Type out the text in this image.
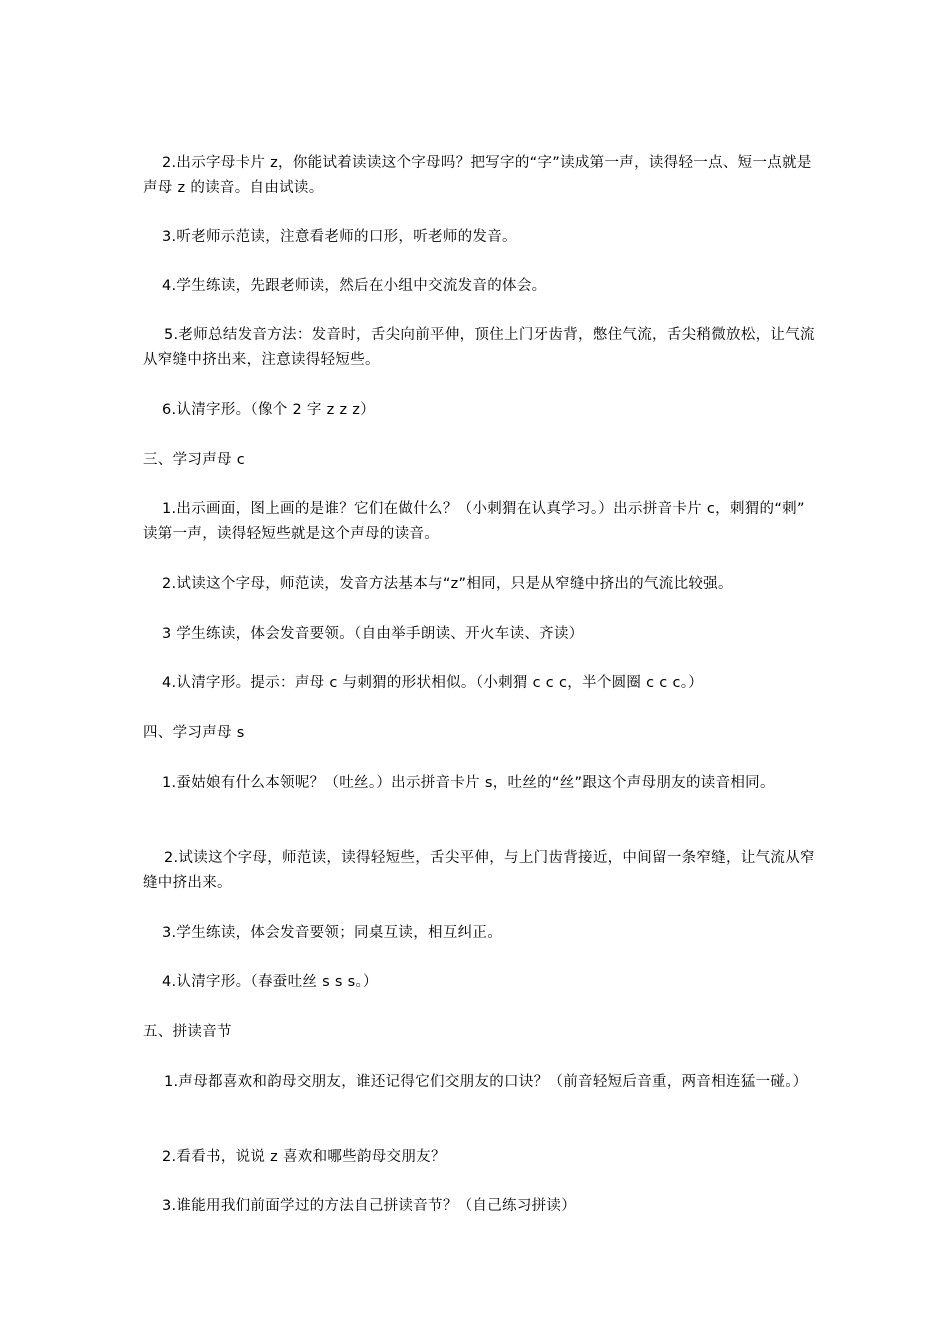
2.出示字母卡片 z，你能试着读读这个字母吗？把写字的“字”读成第一声，读得轻一点、短一点就是声母 z 的读音。自由试读。

3.听老师示范读，注意看老师的口形，听老师的发音。

4.学生练读，先跟老师读，然后在小组中交流发音的体会。

5.老师总结发音方法：发音时，舌尖向前平伸，顶住上门牙齿背，憋住气流，舌尖稍微放松，让气流从窄缝中挤出来，注意读得轻短些。

6.认清字形。（像个 2 字 z z z）

三、学习声母 c

1.出示画面，图上画的是谁？它们在做什么？（小刺猬在认真学习。）出示拼音卡片 c，刺猬的“刺” 读第一声，读得轻短些就是这个声母的读音。

2.试读这个字母，师范读，发音方法基本与“z”相同，只是从窄缝中挤出的气流比较强。

3 学生练读，体会发音要领。（自由举手朗读、开火车读、齐读）

4.认清字形。提示：声母 c 与刺猬的形状相似。（小刺猬 c c c，半个圆圈 c c c。）

四、学习声母 s

1.蚕姑娘有什么本领呢？（吐丝。）出示拼音卡片 s，吐丝的“丝”跟这个声母朋友的读音相同。

2.试读这个字母，师范读，读得轻短些，舌尖平伸，与上门齿背接近，中间留一条窄缝，让气流从窄缝中挤出来。

3.学生练读，体会发音要领；同桌互读，相互纠正。

4.认清字形。（春蚕吐丝 s s s。）

五、拼读音节

1.声母都喜欢和韵母交朋友，谁还记得它们交朋友的口诀？（前音轻短后音重，两音相连猛一碰。）

2.看看书，说说 z 喜欢和哪些韵母交朋友？

3.谁能用我们前面学过的方法自己拼读音节？（自己练习拼读）
